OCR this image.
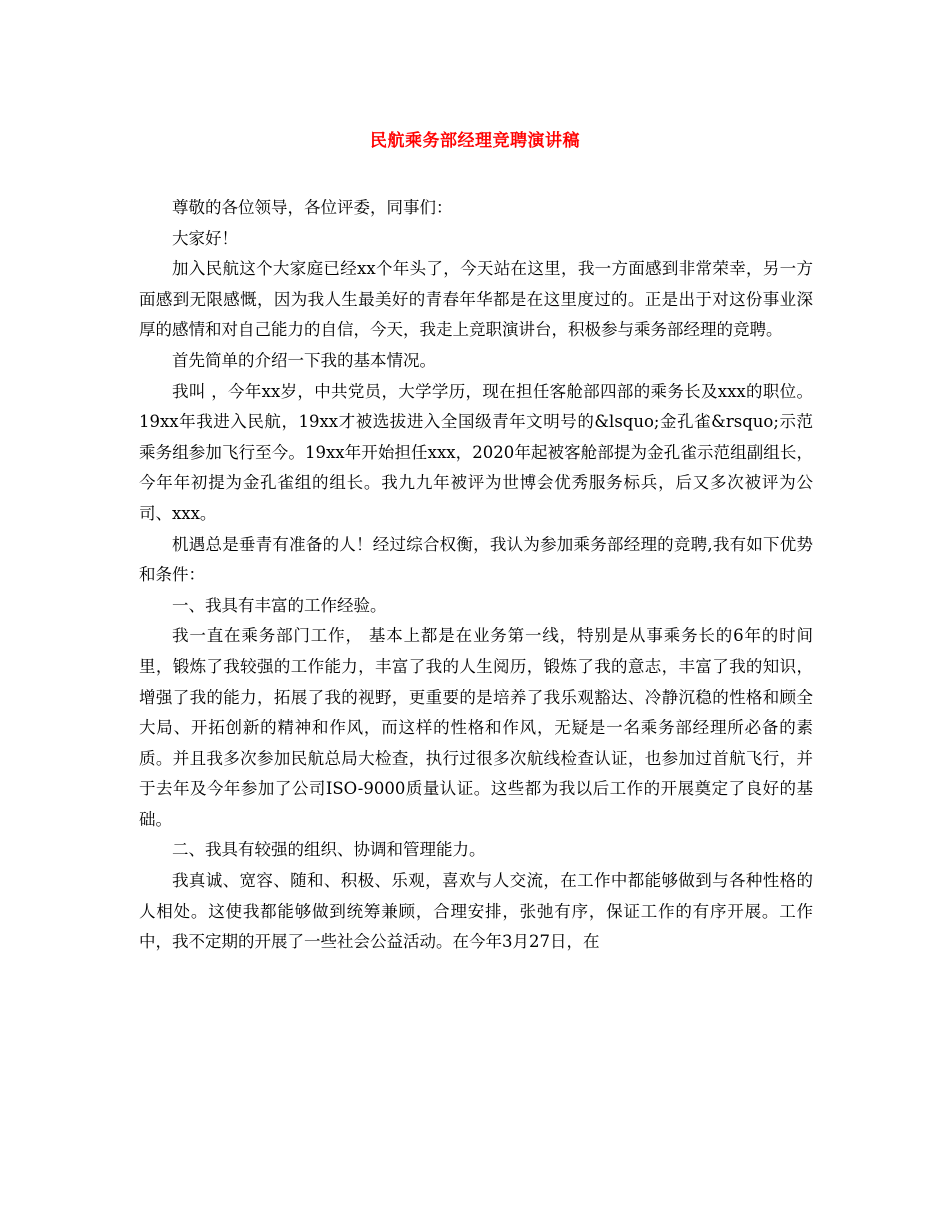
民航乘务部经理竞聘演讲稿

尊敬的各位领导，各位评委，同事们：

大家好！

加入民航这个大家庭已经xx个年头了，今天站在这里，我一方面感到非常荣幸，另一方面感到无限感慨，因为我人生最美好的青春年华都是在这里度过的。正是出于对这份事业深厚的感情和对自己能力的自信，今天，我走上竞职演讲台，积极参与乘务部经理的竞聘。

首先简单的介绍一下我的基本情况。

我叫 ，今年xx岁，中共党员，大学学历，现在担任客舱部四部的乘务长及xxx的职位。19xx年我进入民航，19xx才被选拔进入全国级青年文明号的&lsquo;金孔雀&rsquo;示范乘务组参加飞行至今。19xx年开始担任xxx，2020年起被客舱部提为金孔雀示范组副组长，今年年初提为金孔雀组的组长。我九九年被评为世博会优秀服务标兵，后又多次被评为公司、xxx。

机遇总是垂青有准备的人！经过综合权衡，我认为参加乘务部经理的竞聘,我有如下优势和条件：

一、我具有丰富的工作经验。

我一直在乘务部门工作， 基本上都是在业务第一线，特别是从事乘务长的6年的时间里，锻炼了我较强的工作能力，丰富了我的人生阅历，锻炼了我的意志，丰富了我的知识，增强了我的能力，拓展了我的视野，更重要的是培养了我乐观豁达、冷静沉稳的性格和顾全大局、开拓创新的精神和作风，而这样的性格和作风，无疑是一名乘务部经理所必备的素质。并且我多次参加民航总局大检查，执行过很多次航线检查认证，也参加过首航飞行，并于去年及今年参加了公司ISO-9000质量认证。这些都为我以后工作的开展奠定了良好的基础。

二、我具有较强的组织、协调和管理能力。

我真诚、宽容、随和、积极、乐观，喜欢与人交流，在工作中都能够做到与各种性格的人相处。这使我都能够做到统筹兼顾，合理安排，张弛有序，保证工作的有序开展。工作中，我不定期的开展了一些社会公益活动。在今年3月27日，在
